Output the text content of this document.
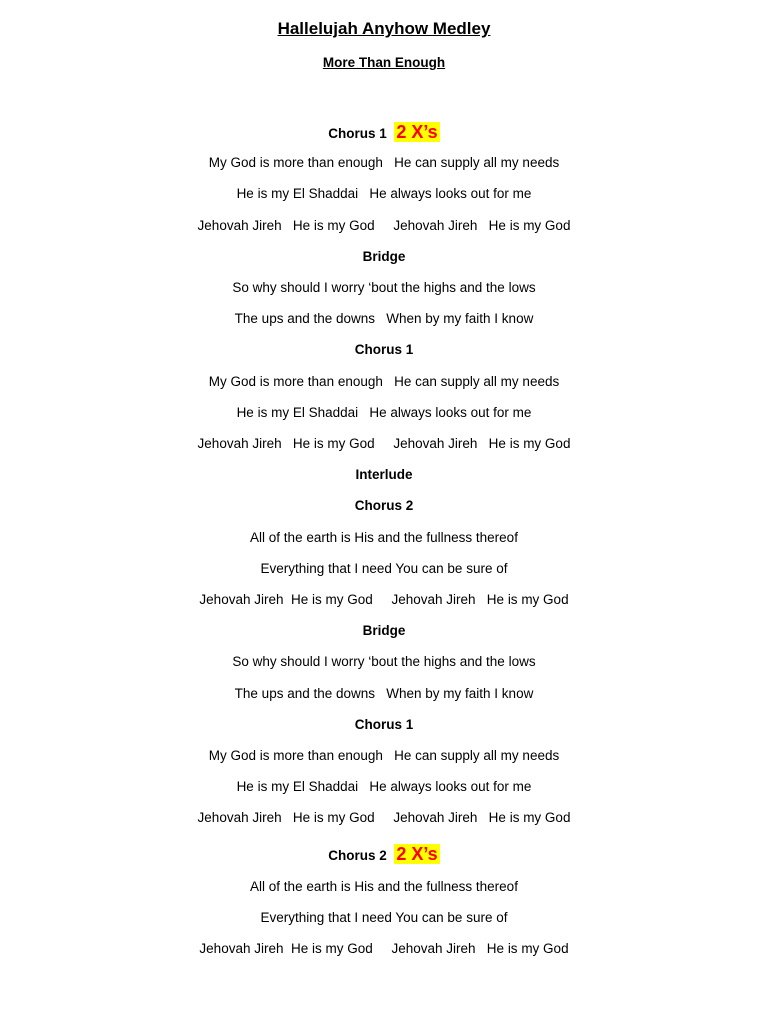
Hallelujah Anyhow Medley
More Than Enough
Chorus 1 2 X’s
My God is more than enough   He can supply all my needs
He is my El Shaddai   He always looks out for me
Jehovah Jireh   He is my God     Jehovah Jireh   He is my God
Bridge
So why should I worry ‘bout the highs and the lows
The ups and the downs   When by my faith I know
Chorus 1
My God is more than enough   He can supply all my needs
He is my El Shaddai   He always looks out for me
Jehovah Jireh   He is my God     Jehovah Jireh   He is my God
Interlude
Chorus 2
All of the earth is His and the fullness thereof
Everything that I need You can be sure of
Jehovah Jireh  He is my God     Jehovah Jireh   He is my God
Bridge
So why should I worry ‘bout the highs and the lows
The ups and the downs   When by my faith I know
Chorus 1
My God is more than enough   He can supply all my needs
He is my El Shaddai   He always looks out for me
Jehovah Jireh   He is my God     Jehovah Jireh   He is my God
Chorus 2 2 X’s
All of the earth is His and the fullness thereof
Everything that I need You can be sure of
Jehovah Jireh  He is my God     Jehovah Jireh   He is my God
